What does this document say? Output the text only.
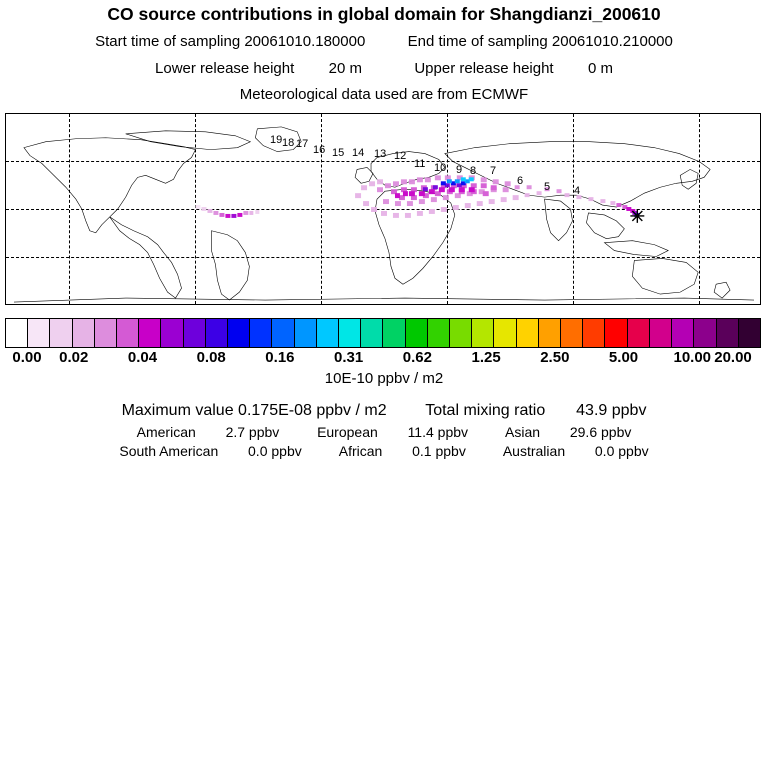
CO source contributions in global domain for Shangdianzi_200610
Start time of sampling 20061010.180000	End time of sampling 20061010.210000
Lower release height 20 m	Upper release height 0 m
Meteorological data used are from ECMWF
19 18 17 16 15 14 13 12
11 10 9 8 7
6 5 4
0.00 0.02	0.04	0.08	0.16	0.31	0.62	1.25	2.50	5.00 10.00 20.00
10E-10 ppbv / m2
Maximum value 0.175E-08 ppbv / m2 Total mixing ratio 43.9 ppbv
American 2.7 ppbv	European 11.4 ppbv	Asian 29.6 ppbv
South American 0.0 ppbv	African 0.1 ppbv	Australian 0.0 ppbv
